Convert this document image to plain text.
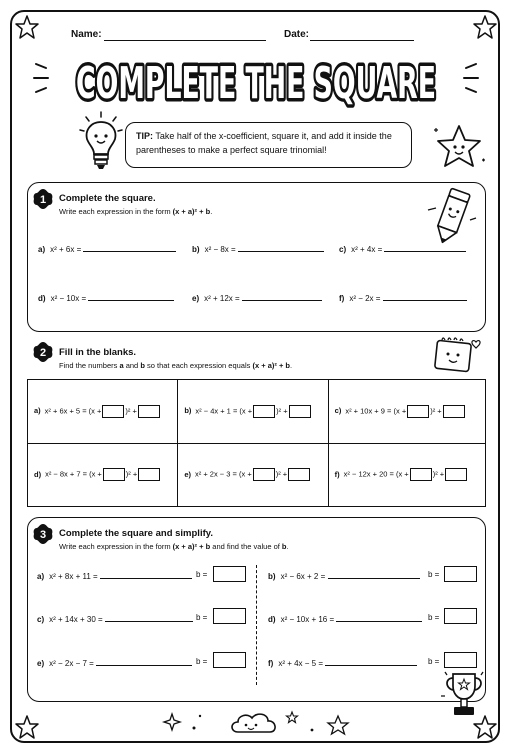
Name:	Date:
COMPLETE THE SQUARE
TIP: Take half of the x-coefficient, square it, and add it inside the parentheses to make a perfect square trinomial!
1 Complete the square.
Write each expression in the form (x + a)² + b.
a) x² + 6x =	b) x² − 8x =	c) x² + 4x =
d) x² − 10x =	e) x² + 12x =	f) x² − 2x =
2 Fill in the blanks.
Find the numbers a and b so that each expression equals (x + a)² + b.
a) x² + 6x + 5 = (x + )² +	b) x² − 4x + 1 = (x + )² +	c) x² + 10x + 9 = (x + )² +
d) x² − 8x + 7 = (x + )² +	e) x² + 2x − 3 = (x + )² +	f) x² − 12x + 20 = (x + )² +
3 Complete the square and simplify.
Write each expression in the form (x + a)² + b and find the value of b.
a) x² + 8x + 11 =	b =	b) x² − 6x + 2 =	b =
c) x² + 14x + 30 =	b =	d) x² − 10x + 16 =	b =
e) x² − 2x − 7 =	b =	f) x² + 4x − 5 =	b =
